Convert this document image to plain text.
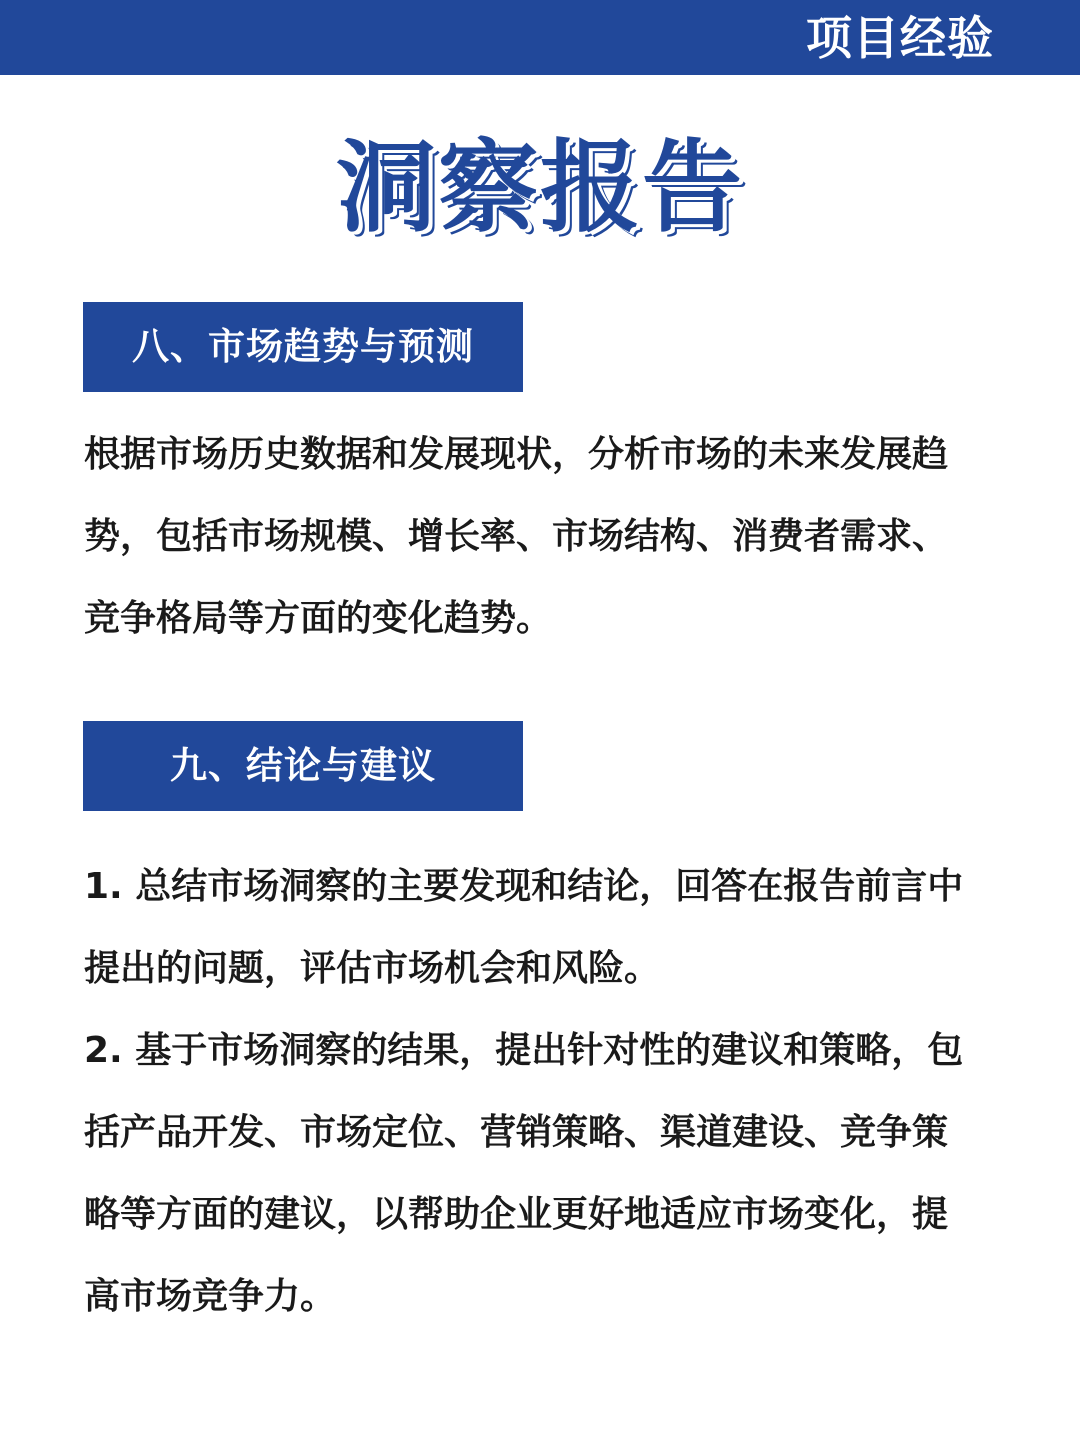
项目经验
洞察报告
八、市场趋势与预测

根据市场历史数据和发展现状，分析市场的未来发展趋势，包括市场规模、增长率、市场结构、消费者需求、竞争格局等方面的变化趋势。

九、结论与建议

1. 总结市场洞察的主要发现和结论，回答在报告前言中提出的问题，评估市场机会和风险。

2. 基于市场洞察的结果，提出针对性的建议和策略，包括产品开发、市场定位、营销策略、渠道建设、竞争策略等方面的建议，以帮助企业更好地适应市场变化，提高市场竞争力。
